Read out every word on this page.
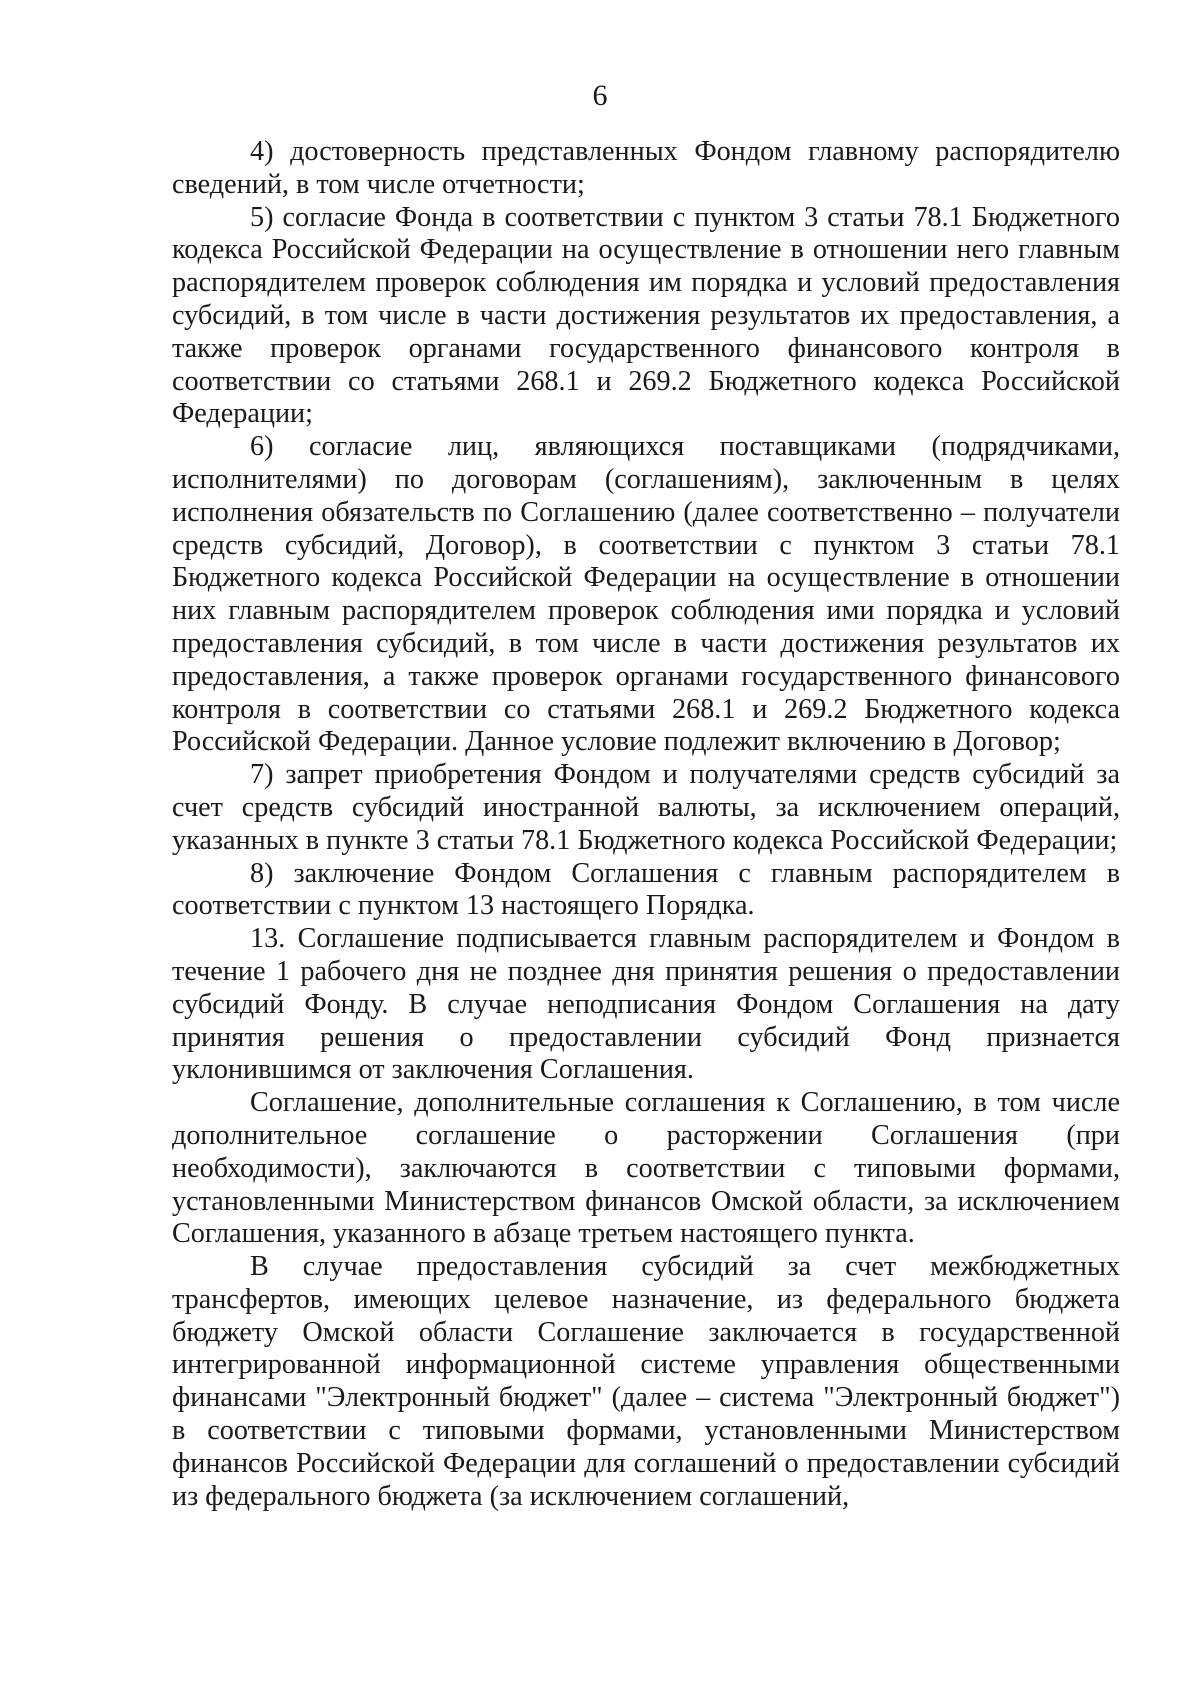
6

4) достоверность представленных Фондом главному распорядителю сведений, в том числе отчетности;

5) согласие Фонда в соответствии с пунктом 3 статьи 78.1 Бюджетного кодекса Российской Федерации на осуществление в отношении него главным распорядителем проверок соблюдения им порядка и условий предоставления субсидий, в том числе в части достижения результатов их предоставления, а также проверок органами государственного финансового контроля в соответствии со статьями 268.1 и 269.2 Бюджетного кодекса Российской Федерации;

6) согласие лиц, являющихся поставщиками (подрядчиками, исполнителями) по договорам (соглашениям), заключенным в целях исполнения обязательств по Соглашению (далее соответственно – получатели средств субсидий, Договор), в соответствии с пунктом 3 статьи 78.1 Бюджетного кодекса Российской Федерации на осуществление в отношении них главным распорядителем проверок соблюдения ими порядка и условий предоставления субсидий, в том числе в части достижения результатов их предоставления, а также проверок органами государственного финансового контроля в соответствии со статьями 268.1 и 269.2 Бюджетного кодекса Российской Федерации. Данное условие подлежит включению в Договор;

7) запрет приобретения Фондом и получателями средств субсидий за счет средств субсидий иностранной валюты, за исключением операций, указанных в пункте 3 статьи 78.1 Бюджетного кодекса Российской Федерации;

8) заключение Фондом Соглашения с главным распорядителем в соответствии с пунктом 13 настоящего Порядка.

13. Соглашение подписывается главным распорядителем и Фондом в течение 1 рабочего дня не позднее дня принятия решения о предоставлении субсидий Фонду. В случае неподписания Фондом Соглашения на дату принятия решения о предоставлении субсидий Фонд признается уклонившимся от заключения Соглашения.

Соглашение, дополнительные соглашения к Соглашению, в том числе дополнительное соглашение о расторжении Соглашения (при необходимости), заключаются в соответствии с типовыми формами, установленными Министерством финансов Омской области, за исключением Соглашения, указанного в абзаце третьем настоящего пункта.

В случае предоставления субсидий за счет межбюджетных трансфертов, имеющих целевое назначение, из федерального бюджета бюджету Омской области Соглашение заключается в государственной интегрированной информационной системе управления общественными финансами "Электронный бюджет" (далее – система "Электронный бюджет") в соответствии с типовыми формами, установленными Министерством финансов Российской Федерации для соглашений о предоставлении субсидий из федерального бюджета (за исключением соглашений,
